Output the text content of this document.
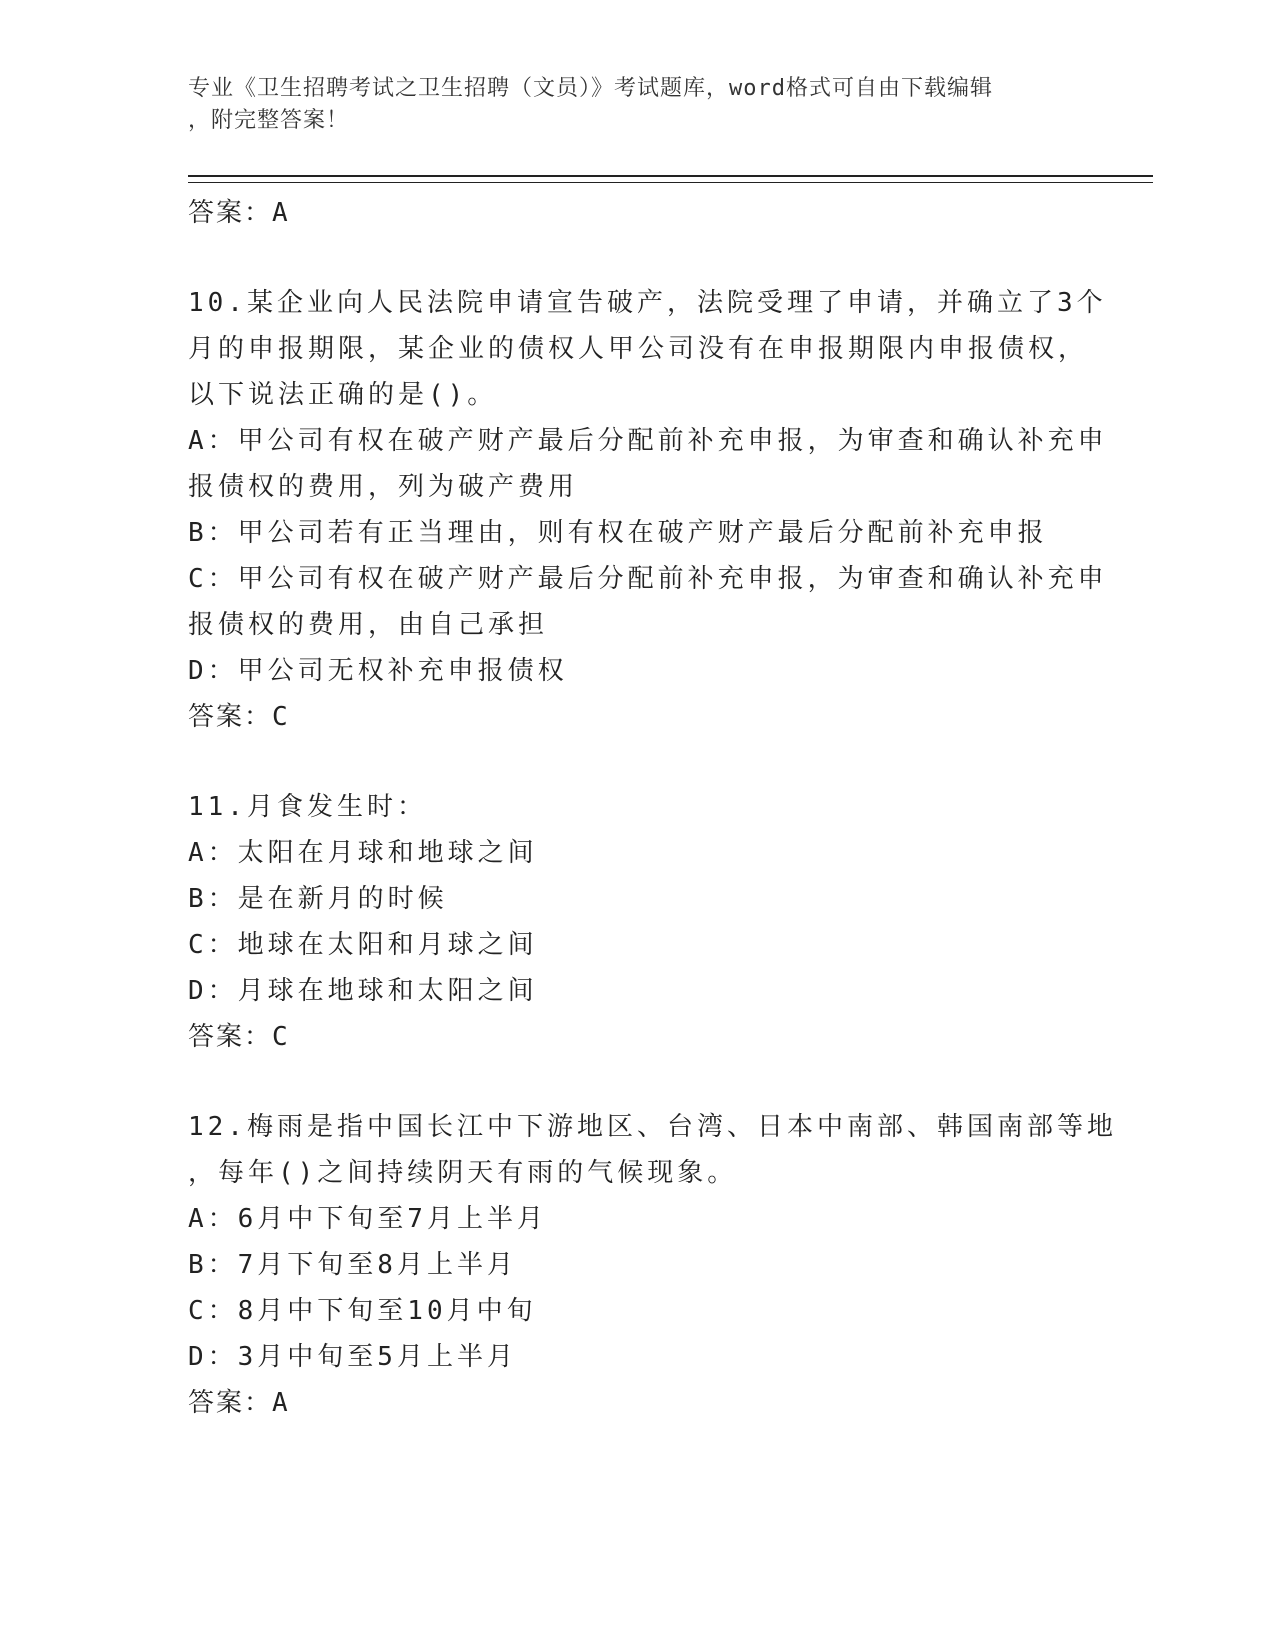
专业《卫生招聘考试之卫生招聘（文员）》考试题库，word格式可自由下载编辑
，附完整答案！
答案：A
10.某企业向人民法院申请宣告破产，法院受理了申请，并确立了3个
月的申报期限，某企业的债权人甲公司没有在申报期限内申报债权，
以下说法正确的是()。
A：甲公司有权在破产财产最后分配前补充申报，为审查和确认补充申
报债权的费用，列为破产费用
B：甲公司若有正当理由，则有权在破产财产最后分配前补充申报
C：甲公司有权在破产财产最后分配前补充申报，为审查和确认补充申
报债权的费用，由自己承担
D：甲公司无权补充申报债权
答案：C
11.月食发生时：
A：太阳在月球和地球之间
B：是在新月的时候
C：地球在太阳和月球之间
D：月球在地球和太阳之间
答案：C
12.梅雨是指中国长江中下游地区、台湾、日本中南部、韩国南部等地
，每年()之间持续阴天有雨的气候现象。
A：6月中下旬至7月上半月
B：7月下旬至8月上半月
C：8月中下旬至10月中旬
D：3月中旬至5月上半月
答案：A
